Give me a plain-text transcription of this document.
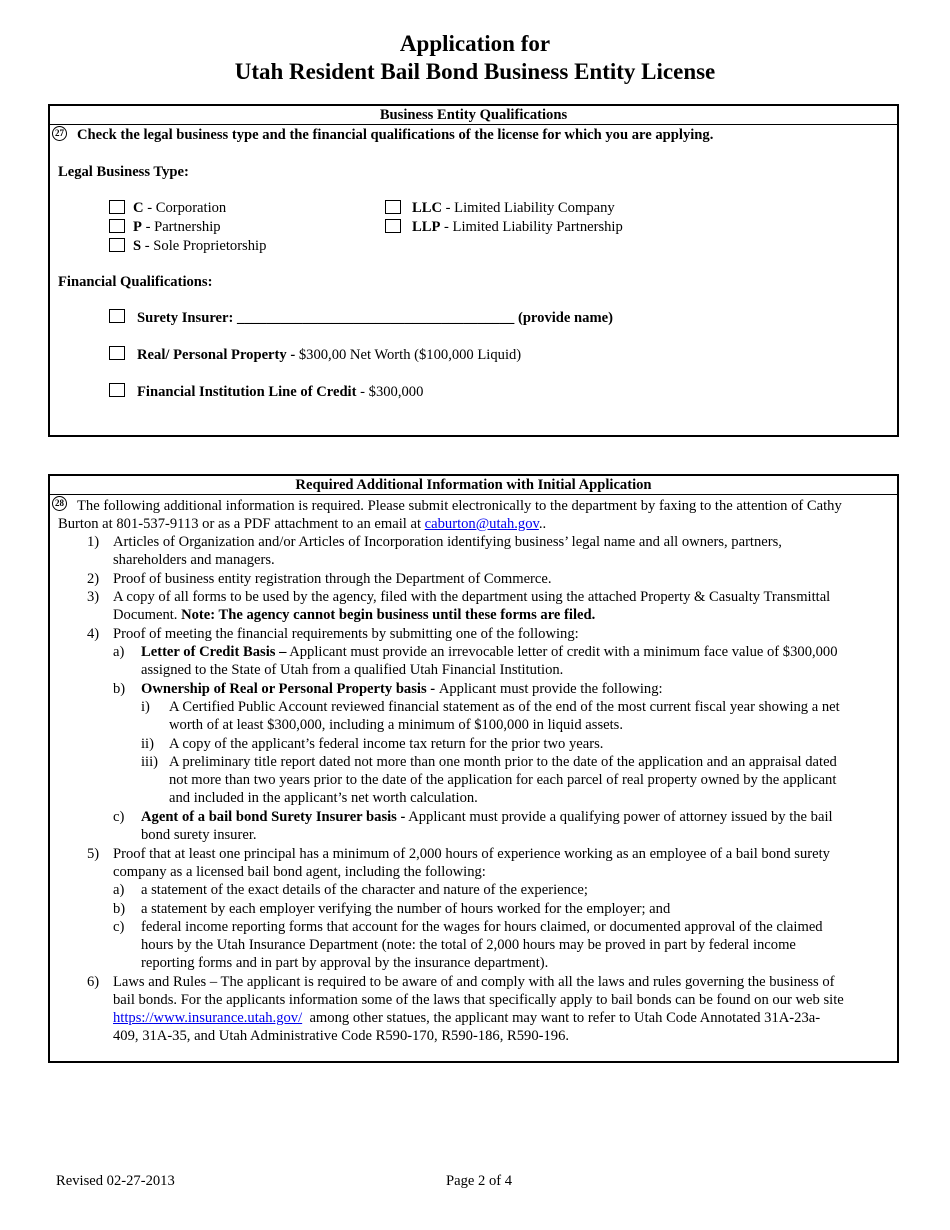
Application for
Utah Resident Bail Bond Business Entity License
Business Entity Qualifications
27 Check the legal business type and the financial qualifications of the license for which you are applying.
Legal Business Type:
C - Corporation
P - Partnership
S - Sole Proprietorship
LLC - Limited Liability Company
LLP - Limited Liability Partnership
Financial Qualifications:
Surety Insurer: ______________________________________ (provide name)
Real/ Personal Property - $300,00 Net Worth ($100,000 Liquid)
Financial Institution Line of Credit - $300,000
Required Additional Information with Initial Application
28 The following additional information is required. Please submit electronically to the department by faxing to the attention of Cathy
Burton at 801-537-9113 or as a PDF attachment to an email at caburton@utah.gov..
1) Articles of Organization and/or Articles of Incorporation identifying business’ legal name and all owners, partners,
shareholders and managers.
2) Proof of business entity registration through the Department of Commerce.
3) A copy of all forms to be used by the agency, filed with the department using the attached Property & Casualty Transmittal
Document. Note: The agency cannot begin business until these forms are filed.
4) Proof of meeting the financial requirements by submitting one of the following:
a) Letter of Credit Basis – Applicant must provide an irrevocable letter of credit with a minimum face value of $300,000
assigned to the State of Utah from a qualified Utah Financial Institution.
b) Ownership of Real or Personal Property basis - Applicant must provide the following:
i) A Certified Public Account reviewed financial statement as of the end of the most current fiscal year showing a net
worth of at least $300,000, including a minimum of $100,000 in liquid assets.
ii) A copy of the applicant’s federal income tax return for the prior two years.
iii) A preliminary title report dated not more than one month prior to the date of the application and an appraisal dated
not more than two years prior to the date of the application for each parcel of real property owned by the applicant
and included in the applicant’s net worth calculation.
c) Agent of a bail bond Surety Insurer basis - Applicant must provide a qualifying power of attorney issued by the bail
bond surety insurer.
5) Proof that at least one principal has a minimum of 2,000 hours of experience working as an employee of a bail bond surety
company as a licensed bail bond agent, including the following:
a) a statement of the exact details of the character and nature of the experience;
b) a statement by each employer verifying the number of hours worked for the employer; and
c) federal income reporting forms that account for the wages for hours claimed, or documented approval of the claimed
hours by the Utah Insurance Department (note: the total of 2,000 hours may be proved in part by federal income
reporting forms and in part by approval by the insurance department).
6) Laws and Rules – The applicant is required to be aware of and comply with all the laws and rules governing the business of
bail bonds. For the applicants information some of the laws that specifically apply to bail bonds can be found on our web site
https://www.insurance.utah.gov/  among other statues, the applicant may want to refer to Utah Code Annotated 31A-23a-
409, 31A-35, and Utah Administrative Code R590-170, R590-186, R590-196.
Revised 02-27-2013	Page 2 of 4
